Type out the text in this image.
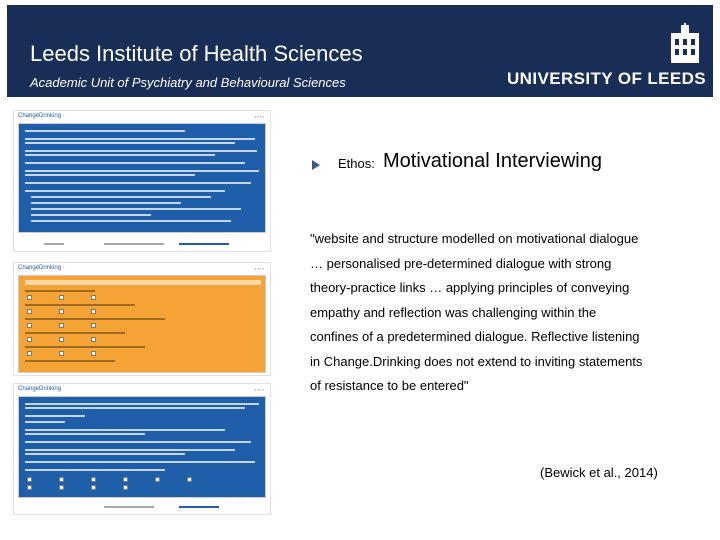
Leeds Institute of Health Sciences
Academic Unit of Psychiatry and Behavioural Sciences	UNIVERSITY OF LEEDS
ChangeDrinking	▪ ▪ ▪ ▪
ChangeDrinking	▪ ▪ ▪ ▪
ChangeDrinking	▪ ▪ ▪ ▪
Ethos: Motivational Interviewing

"website and structure modelled on motivational dialogue
… personalised pre-determined dialogue with strong
theory-practice links … applying principles of conveying
empathy and reflection was challenging within the
confines of a predetermined dialogue. Reflective listening
in Change.Drinking does not extend to inviting statements
of resistance to be entered"

(Bewick et al., 2014)
